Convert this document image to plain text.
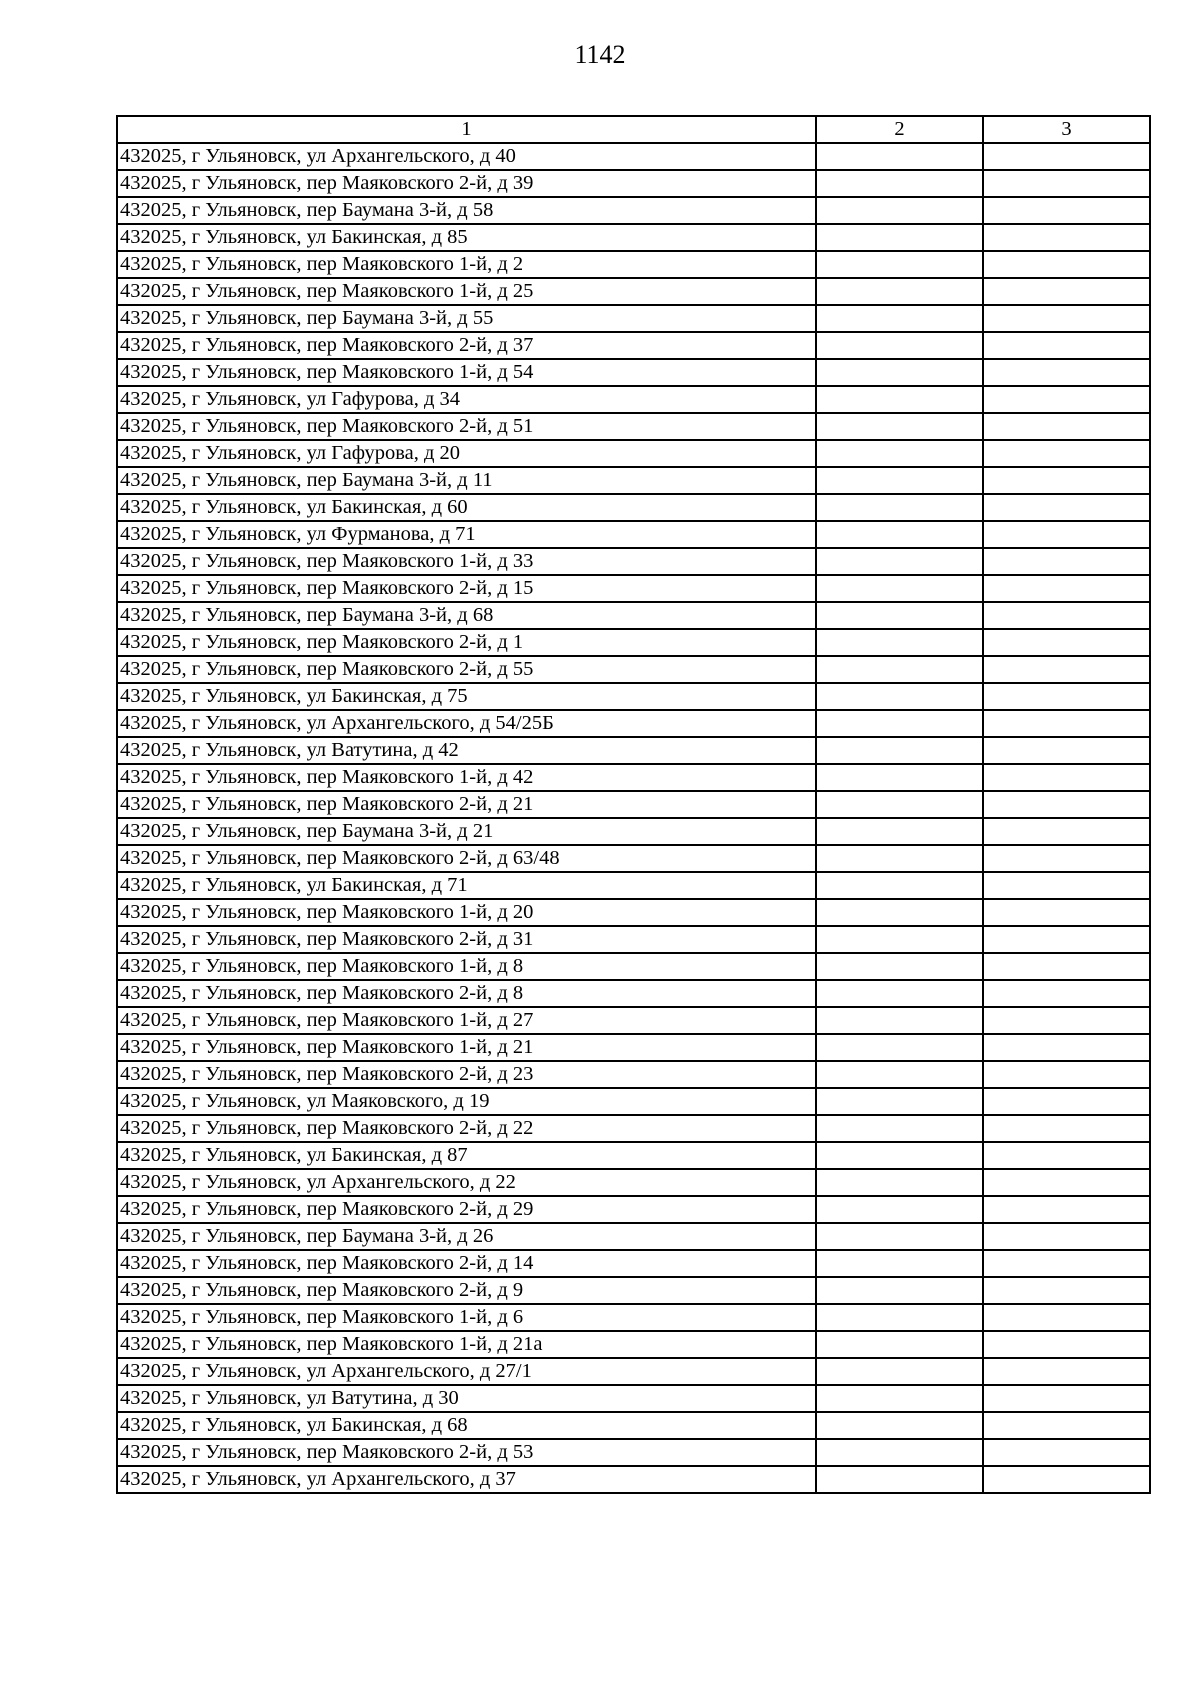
1142
1	2	3
432025, г Ульяновск, ул Архангельского, д 40		
432025, г Ульяновск, пер Маяковского 2-й, д 39		
432025, г Ульяновск, пер Баумана 3-й, д 58		
432025, г Ульяновск, ул Бакинская, д 85		
432025, г Ульяновск, пер Маяковского 1-й, д 2		
432025, г Ульяновск, пер Маяковского 1-й, д 25		
432025, г Ульяновск, пер Баумана 3-й, д 55		
432025, г Ульяновск, пер Маяковского 2-й, д 37		
432025, г Ульяновск, пер Маяковского 1-й, д 54		
432025, г Ульяновск, ул Гафурова, д 34		
432025, г Ульяновск, пер Маяковского 2-й, д 51		
432025, г Ульяновск, ул Гафурова, д 20		
432025, г Ульяновск, пер Баумана 3-й, д 11		
432025, г Ульяновск, ул Бакинская, д 60		
432025, г Ульяновск, ул Фурманова, д 71		
432025, г Ульяновск, пер Маяковского 1-й, д 33		
432025, г Ульяновск, пер Маяковского 2-й, д 15		
432025, г Ульяновск, пер Баумана 3-й, д 68		
432025, г Ульяновск, пер Маяковского 2-й, д 1		
432025, г Ульяновск, пер Маяковского 2-й, д 55		
432025, г Ульяновск, ул Бакинская, д 75		
432025, г Ульяновск, ул Архангельского, д 54/25Б		
432025, г Ульяновск, ул Ватутина, д 42		
432025, г Ульяновск, пер Маяковского 1-й, д 42		
432025, г Ульяновск, пер Маяковского 2-й, д 21		
432025, г Ульяновск, пер Баумана 3-й, д 21		
432025, г Ульяновск, пер Маяковского 2-й, д 63/48		
432025, г Ульяновск, ул Бакинская, д 71		
432025, г Ульяновск, пер Маяковского 1-й, д 20		
432025, г Ульяновск, пер Маяковского 2-й, д 31		
432025, г Ульяновск, пер Маяковского 1-й, д 8		
432025, г Ульяновск, пер Маяковского 2-й, д 8		
432025, г Ульяновск, пер Маяковского 1-й, д 27		
432025, г Ульяновск, пер Маяковского 1-й, д 21		
432025, г Ульяновск, пер Маяковского 2-й, д 23		
432025, г Ульяновск, ул Маяковского, д 19		
432025, г Ульяновск, пер Маяковского 2-й, д 22		
432025, г Ульяновск, ул Бакинская, д 87		
432025, г Ульяновск, ул Архангельского, д 22		
432025, г Ульяновск, пер Маяковского 2-й, д 29		
432025, г Ульяновск, пер Баумана 3-й, д 26		
432025, г Ульяновск, пер Маяковского 2-й, д 14		
432025, г Ульяновск, пер Маяковского 2-й, д 9		
432025, г Ульяновск, пер Маяковского 1-й, д 6		
432025, г Ульяновск, пер Маяковского 1-й, д 21а		
432025, г Ульяновск, ул Архангельского, д 27/1		
432025, г Ульяновск, ул Ватутина, д 30		
432025, г Ульяновск, ул Бакинская, д 68		
432025, г Ульяновск, пер Маяковского 2-й, д 53		
432025, г Ульяновск, ул Архангельского, д 37		
